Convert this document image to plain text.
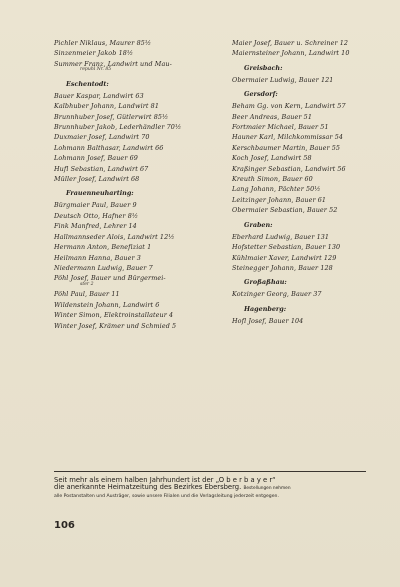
Pichler Niklaus, Maurer 85½
Sinzenmeier Jakob 18½
Summer Franz, Landwirt und Mau-
repuhl Nr. 85
Eschentodt:
Bauer Kaspar, Landwirt 63
Kalbhuber Johann, Landwirt 81
Brunnhuber Josef, Gütlerwirt 85½
Brunnhuber Jakob, Lederhändler 70½
Duxmaier Josef, Landwirt 70
Lohmann Balthasar, Landwirt 66
Lohmann Josef, Bauer 69
Hufl Sebastian, Landwirt 67
Müller Josef, Landwirt 68
Frauenneuharting:
Bürgmaier Paul, Bauer 9
Deutsch Otto, Hafner 8½
Fink Manfred, Lehrer 14
Hallmannseder Alois, Landwirt 12½
Hermann Anton, Benefiziat 1
Heilmann Hanna, Bauer 3
Niedermann Ludwig, Bauer 7
Pöhl Josef, Bauer und Bürgermei-
ster 2
Pöhl Paul, Bauer 11
Wildenstein Johann, Landwirt 6
Winter Simon, Elektroinstallateur 4
Winter Josef, Krämer und Schmied 5
Maier Josef, Bauer u. Schreiner 12
Maiernsteiner Johann, Landwirt 10
Greisbach:
Obermaier Ludwig, Bauer 121
Gersdorf:
Beham Gg. von Kern, Landwirt 57
Beer Andreas, Bauer 51
Fortmaier Michael, Bauer 51
Hauner Karl, Milchkommissar 54
Kerschbaumer Martin, Bauer 55
Koch Josef, Landwirt 58
Kraßinger Sebastian, Landwirt 56
Kreuth Simon, Bauer 60
Lang Johann, Pächter 50½
Leitzinger Johann, Bauer 61
Obermaier Sebastian, Bauer 52
Graben:
Eberhard Ludwig, Bauer 131
Hofstetter Sebastian, Bauer 130
Kühlmaier Xaver, Landwirt 129
Steinegger Johann, Bauer 128
Großaßhau:
Kotzinger Georg, Bauer 37
Hagenberg:
Hofl Josef, Bauer 104
Seit mehr als einem halben Jahrhundert ist der „O b e r b a y e r“
die anerkannte Heimatzeitung des Bezirkes Ebersberg. Bestellungen nehmen
alle Postanstalten und Austräger, sowie unsere Filialen und die Verlagsleitung jederzeit entgegen.
106
